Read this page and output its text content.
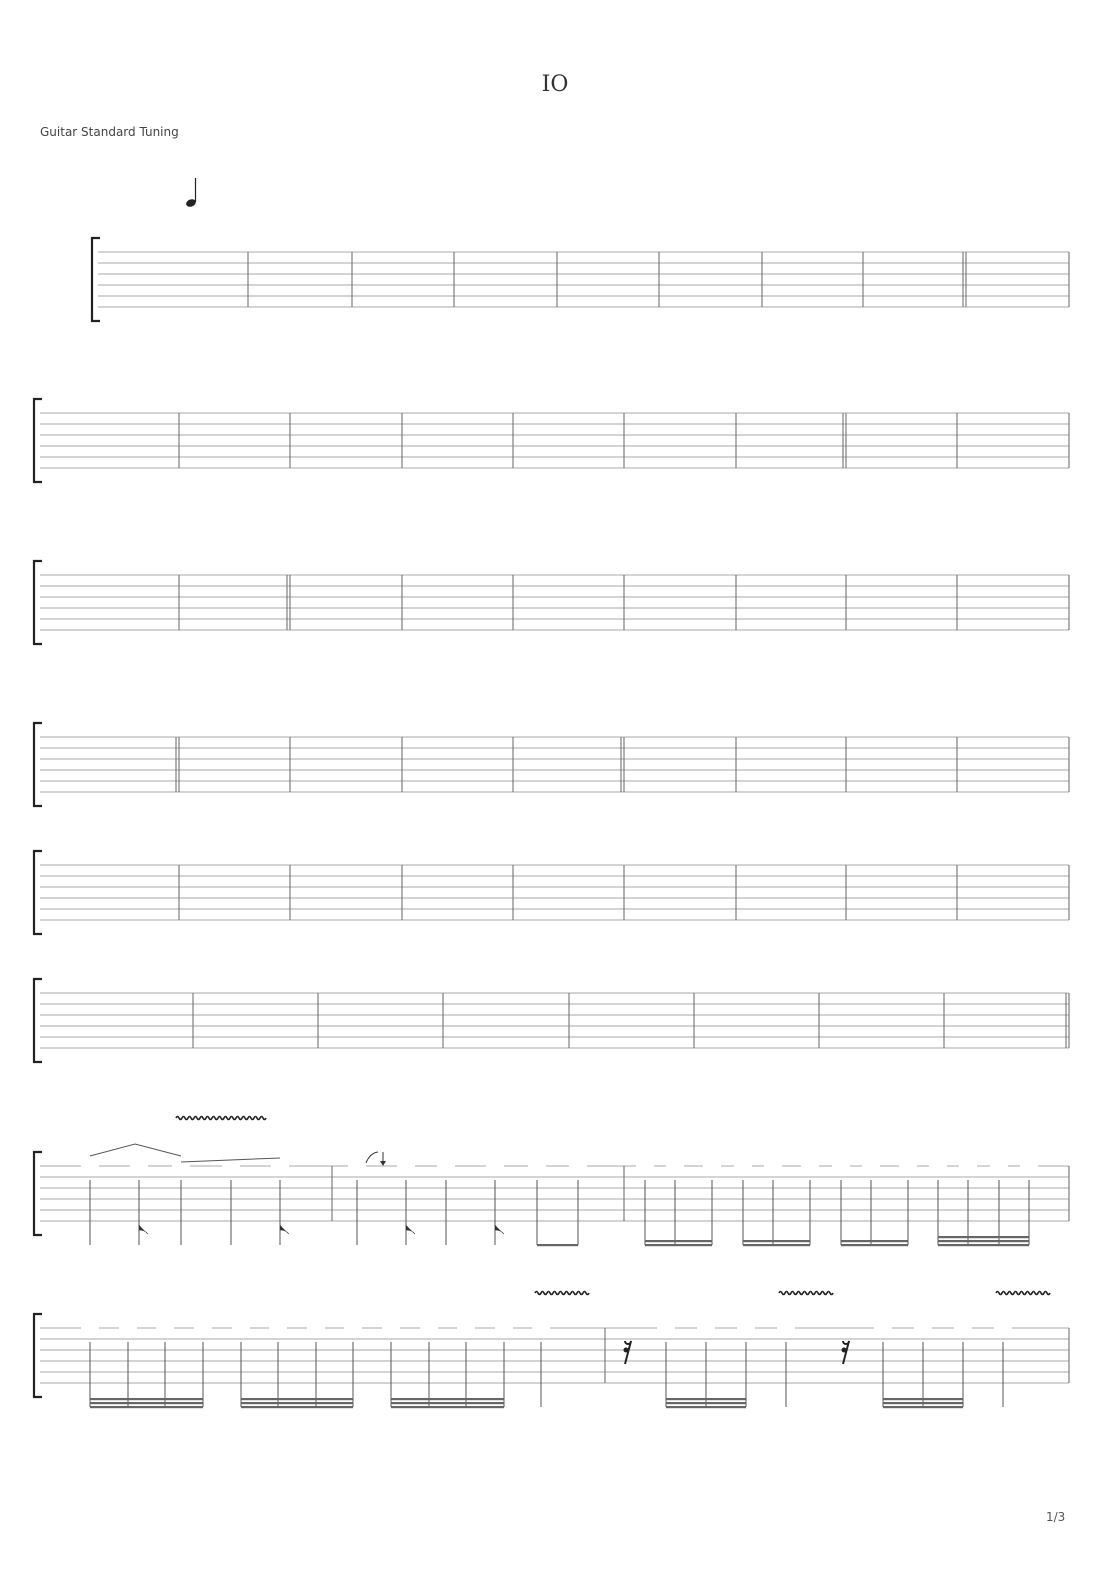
IO
Guitar Standard Tuning
1/3
